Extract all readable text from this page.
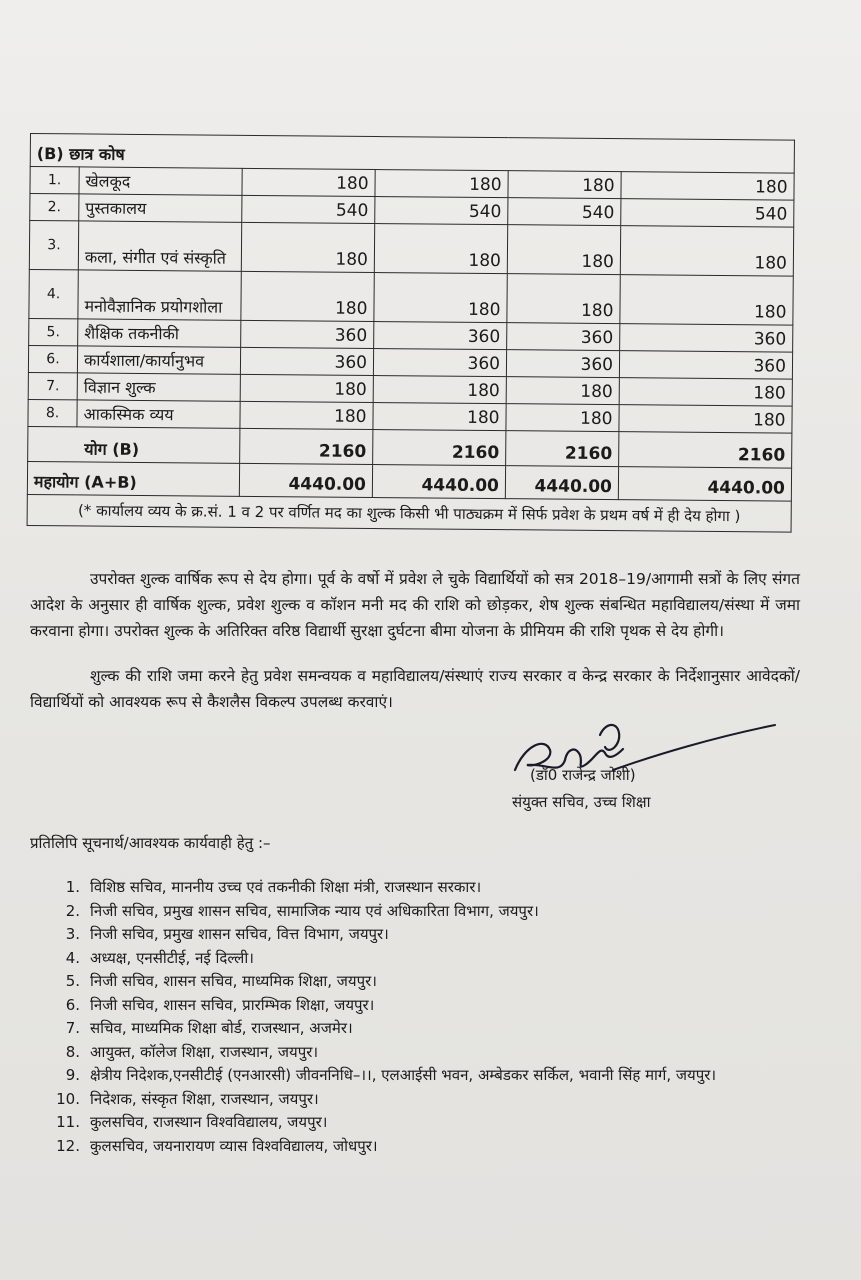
(B) छात्र कोष					
1.	खेलकूद	180	180	180	180
2.	पुस्तकालय	540	540	540	540
3.	कला, संगीत एवं संस्कृति	180	180	180	180
4.	मनोवैज्ञानिक प्रयोगशोला	180	180	180	180
5.	शैक्षिक तकनीकी	360	360	360	360
6.	कार्यशाला/कार्यानुभव	360	360	360	360
7.	विज्ञान शुल्क	180	180	180	180
8.	आकस्मिक व्यय	180	180	180	180
योग (B)		2160	2160	2160	2160
महायोग (A+B)		4440.00	4440.00	4440.00	4440.00
(* कार्यालय व्यय के क्र.सं. 1 व 2 पर वर्णित मद का शुल्क किसी भी पाठ्यक्रम में सिर्फ प्रवेश के प्रथम वर्ष में ही देय होगा )					
उपरोक्त शुल्क वार्षिक रूप से देय होगा। पूर्व के वर्षो में प्रवेश ले चुके विद्यार्थियों को सत्र 2018–19/आगामी सत्रों के लिए संगत आदेश के अनुसार ही वार्षिक शुल्क, प्रवेश शुल्क व कॉशन मनी मद की राशि को छोड़कर, शेष शुल्क संबन्धित महाविद्यालय/संस्था में जमा करवाना होगा। उपरोक्त शुल्क के अतिरिक्त वरिष्ठ विद्यार्थी सुरक्षा दुर्घटना बीमा योजना के प्रीमियम की राशि पृथक से देय होगी।
शुल्क की राशि जमा करने हेतु प्रवेश समन्वयक व महाविद्यालय/संस्थाएं राज्य सरकार व केन्द्र सरकार के निर्देशानुसार आवेदकों/विद्यार्थियों को आवश्यक रूप से कैशलैस विकल्प उपलब्ध करवाएं।
(डॉ0 राजेन्द्र जोशी)
संयुक्त सचिव, उच्च शिक्षा
प्रतिलिपि सूचनार्थ/आवश्यक कार्यवाही हेतु :–
1. विशिष्ठ सचिव, माननीय उच्च एवं तकनीकी शिक्षा मंत्री, राजस्थान सरकार।
2. निजी सचिव, प्रमुख शासन सचिव, सामाजिक न्याय एवं अधिकारिता विभाग, जयपुर।
3. निजी सचिव, प्रमुख शासन सचिव, वित्त विभाग, जयपुर।
4. अध्यक्ष, एनसीटीई, नई दिल्ली।
5. निजी सचिव, शासन सचिव, माध्यमिक शिक्षा, जयपुर।
6. निजी सचिव, शासन सचिव, प्रारम्भिक शिक्षा, जयपुर।
7. सचिव, माध्यमिक शिक्षा बोर्ड, राजस्थान, अजमेर।
8. आयुक्त, कॉलेज शिक्षा, राजस्थान, जयपुर।
9. क्षेत्रीय निदेशक,एनसीटीई (एनआरसी) जीवननिधि–।।, एलआईसी भवन, अम्बेडकर सर्किल, भवानी सिंह मार्ग, जयपुर।
10. निदेशक, संस्कृत शिक्षा, राजस्थान, जयपुर।
11. कुलसचिव, राजस्थान विश्वविद्यालय, जयपुर।
12. कुलसचिव, जयनारायण व्यास विश्वविद्यालय, जोधपुर।
